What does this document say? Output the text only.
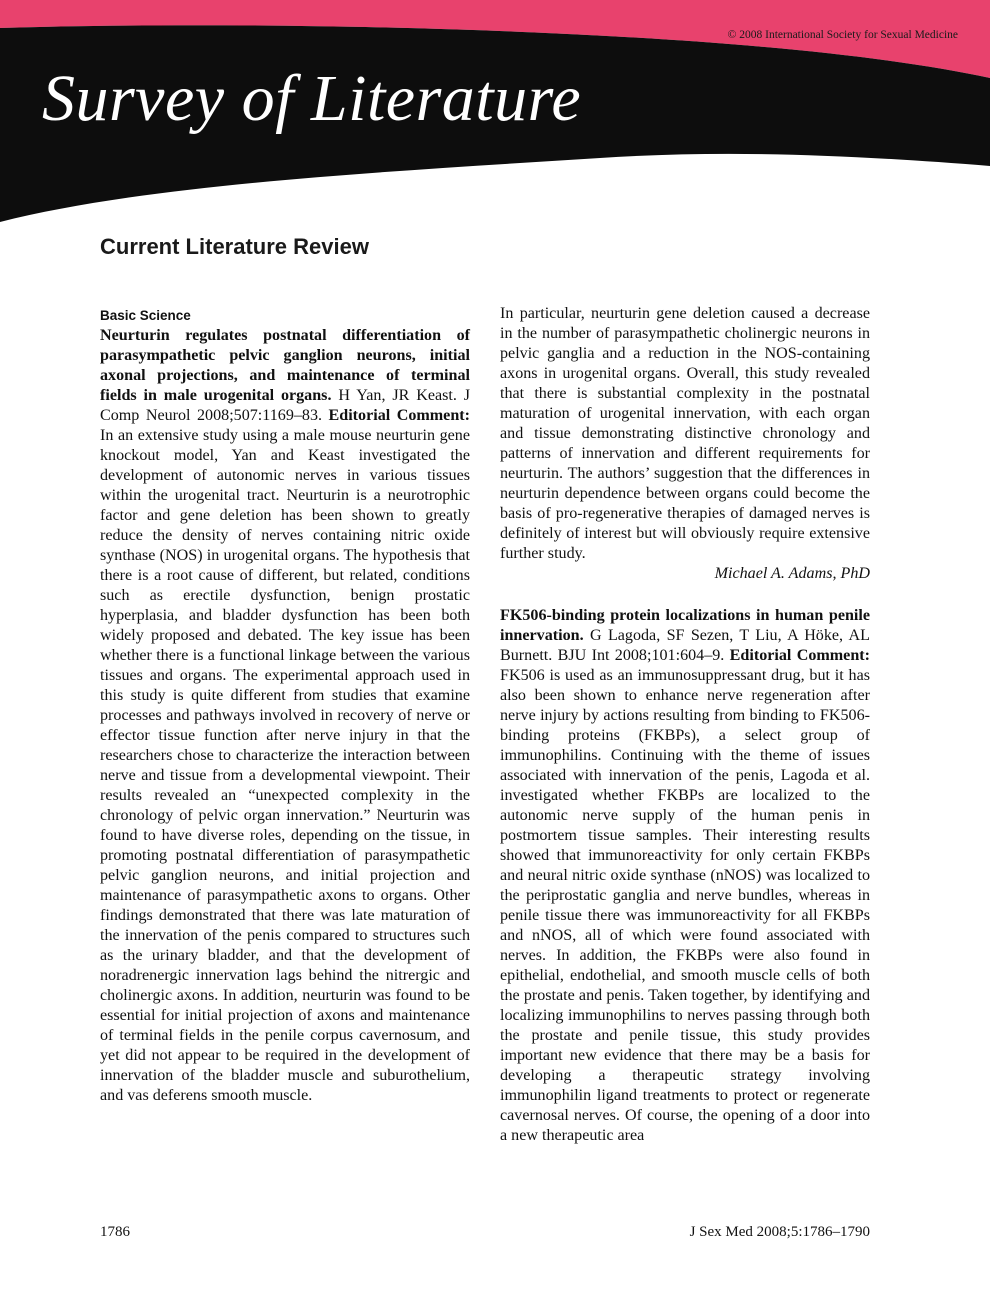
© 2008 International Society for Sexual Medicine

Survey of Literature
Current Literature Review

Basic Science

Neurturin regulates postnatal differentiation of parasympathetic pelvic ganglion neurons, initial axonal projections, and maintenance of terminal fields in male urogenital organs. H Yan, JR Keast. J Comp Neurol 2008;507:1169–83. Editorial Comment: In an extensive study using a male mouse neurturin gene knockout model, Yan and Keast investigated the development of autonomic nerves in various tissues within the urogenital tract. Neurturin is a neurotrophic factor and gene deletion has been shown to greatly reduce the density of nerves containing nitric oxide synthase (NOS) in urogenital organs. The hypothesis that there is a root cause of different, but related, conditions such as erectile dysfunction, benign prostatic hyperplasia, and bladder dysfunction has been both widely proposed and debated. The key issue has been whether there is a functional linkage between the various tissues and organs. The experimental approach used in this study is quite different from studies that examine processes and pathways involved in recovery of nerve or effector tissue function after nerve injury in that the researchers chose to characterize the interaction between nerve and tissue from a developmental viewpoint. Their results revealed an “unexpected complexity in the chronology of pelvic organ innervation.” Neurturin was found to have diverse roles, depending on the tissue, in promoting postnatal differentiation of parasympathetic pelvic ganglion neurons, and initial projection and maintenance of parasympathetic axons to organs. Other findings demonstrated that there was late maturation of the innervation of the penis compared to structures such as the urinary bladder, and that the development of noradrenergic innervation lags behind the nitrergic and cholinergic axons. In addition, neurturin was found to be essential for initial projection of axons and maintenance of terminal fields in the penile corpus cavernosum, and yet did not appear to be required in the development of innervation of the bladder muscle and suburothelium, and vas deferens smooth muscle.

In particular, neurturin gene deletion caused a decrease in the number of parasympathetic cholinergic neurons in pelvic ganglia and a reduction in the NOS-containing axons in urogenital organs. Overall, this study revealed that there is substantial complexity in the postnatal maturation of urogenital innervation, with each organ and tissue demonstrating distinctive chronology and patterns of innervation and different requirements for neurturin. The authors’ suggestion that the differences in neurturin dependence between organs could become the basis of pro-regenerative therapies of damaged nerves is definitely of interest but will obviously require extensive further study.

Michael A. Adams, PhD

FK506-binding protein localizations in human penile innervation. G Lagoda, SF Sezen, T Liu, A Höke, AL Burnett. BJU Int 2008;101:604–9. Editorial Comment: FK506 is used as an immunosuppressant drug, but it has also been shown to enhance nerve regeneration after nerve injury by actions resulting from binding to FK506-binding proteins (FKBPs), a select group of immunophilins. Continuing with the theme of issues associated with innervation of the penis, Lagoda et al. investigated whether FKBPs are localized to the autonomic nerve supply of the human penis in postmortem tissue samples. Their interesting results showed that immunoreactivity for only certain FKBPs and neural nitric oxide synthase (nNOS) was localized to the periprostatic ganglia and nerve bundles, whereas in penile tissue there was immunoreactivity for all FKBPs and nNOS, all of which were found associated with nerves. In addition, the FKBPs were also found in epithelial, endothelial, and smooth muscle cells of both the prostate and penis. Taken together, by identifying and localizing immunophilins to nerves passing through both the prostate and penile tissue, this study provides important new evidence that there may be a basis for developing a therapeutic strategy involving immunophilin ligand treatments to protect or regenerate cavernosal nerves. Of course, the opening of a door into a new therapeutic area

1786	J Sex Med 2008;5:1786–1790
